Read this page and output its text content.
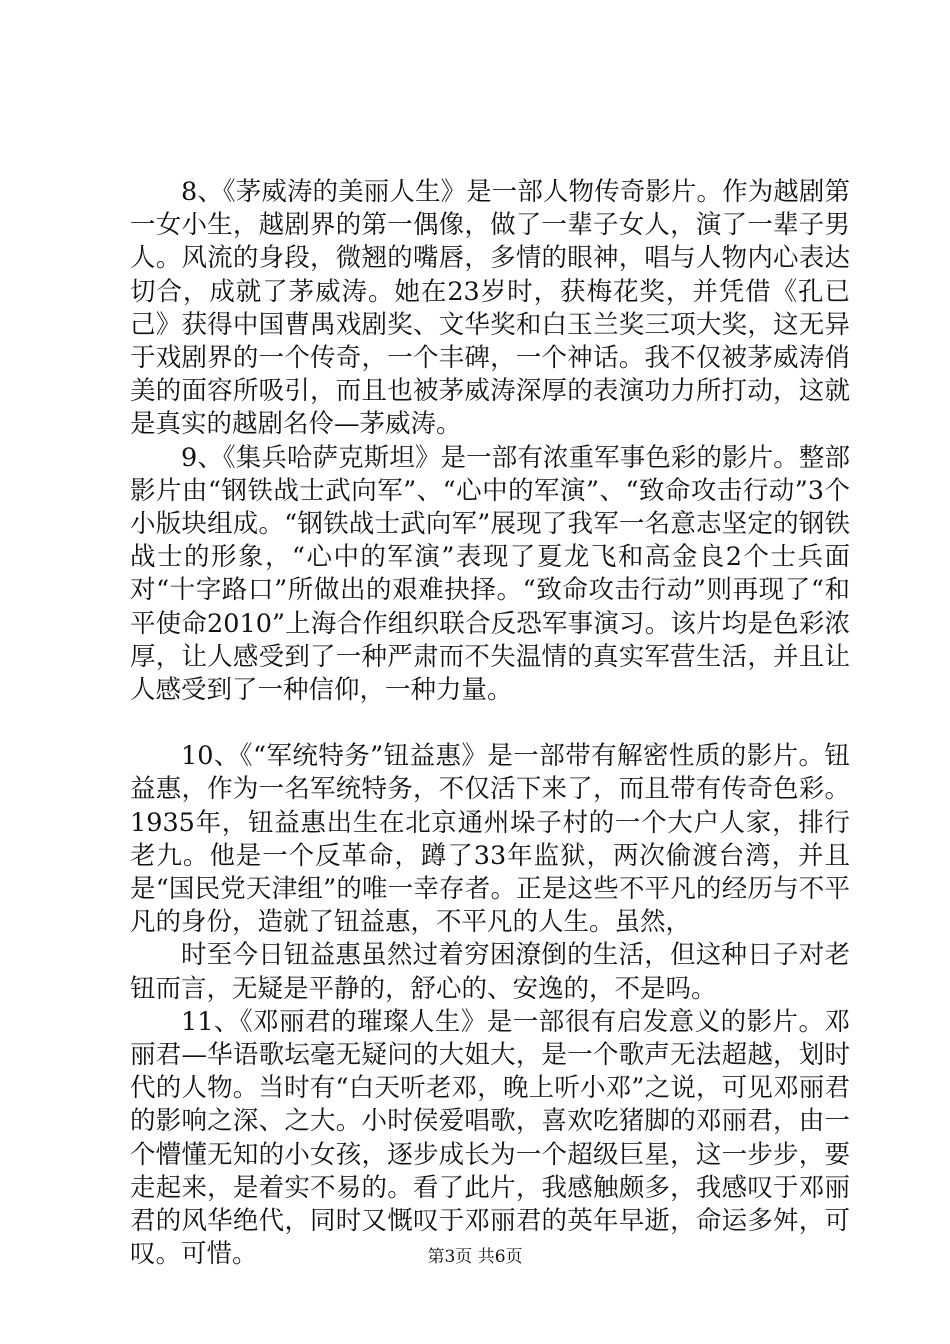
8、《茅威涛的美丽人生》是一部人物传奇影片。作为越剧第一女小生，越剧界的第一偶像，做了一辈子女人，演了一辈子男人。风流的身段，微翘的嘴唇，多情的眼神，唱与人物内心表达切合，成就了茅威涛。她在23岁时，获梅花奖，并凭借《孔已己》获得中国曹禺戏剧奖、文华奖和白玉兰奖三项大奖，这无异于戏剧界的一个传奇，一个丰碑，一个神话。我不仅被茅威涛俏美的面容所吸引，而且也被茅威涛深厚的表演功力所打动，这就是真实的越剧名伶—茅威涛。

9、《集兵哈萨克斯坦》是一部有浓重军事色彩的影片。整部影片由“钢铁战士武向军”、“心中的军演”、“致命攻击行动”3个小版块组成。“钢铁战士武向军”展现了我军一名意志坚定的钢铁战士的形象，“心中的军演”表现了夏龙飞和高金良2个士兵面对“十字路口”所做出的艰难抉择。“致命攻击行动”则再现了“和平使命2010”上海合作组织联合反恐军事演习。该片均是色彩浓厚，让人感受到了一种严肃而不失温情的真实军营生活，并且让人感受到了一种信仰，一种力量。

10、《“军统特务”钮益惠》是一部带有解密性质的影片。钮益惠，作为一名军统特务，不仅活下来了，而且带有传奇色彩。1935年，钮益惠出生在北京通州垛子村的一个大户人家，排行老九。他是一个反革命，蹲了33年监狱，两次偷渡台湾，并且是“国民党天津组”的唯一幸存者。正是这些不平凡的经历与不平凡的身份，造就了钮益惠，不平凡的人生。虽然，

时至今日钮益惠虽然过着穷困潦倒的生活，但这种日子对老钮而言，无疑是平静的，舒心的、安逸的，不是吗。

11、《邓丽君的璀璨人生》是一部很有启发意义的影片。邓丽君—华语歌坛毫无疑问的大姐大，是一个歌声无法超越，划时代的人物。当时有“白天听老邓，晚上听小邓”之说，可见邓丽君的影响之深、之大。小时侯爱唱歌，喜欢吃猪脚的邓丽君，由一个懵懂无知的小女孩，逐步成长为一个超级巨星，这一步步，要走起来，是着实不易的。看了此片，我感触颇多，我感叹于邓丽君的风华绝代，同时又慨叹于邓丽君的英年早逝，命运多舛，可叹。可惜。	第3页 共6页
